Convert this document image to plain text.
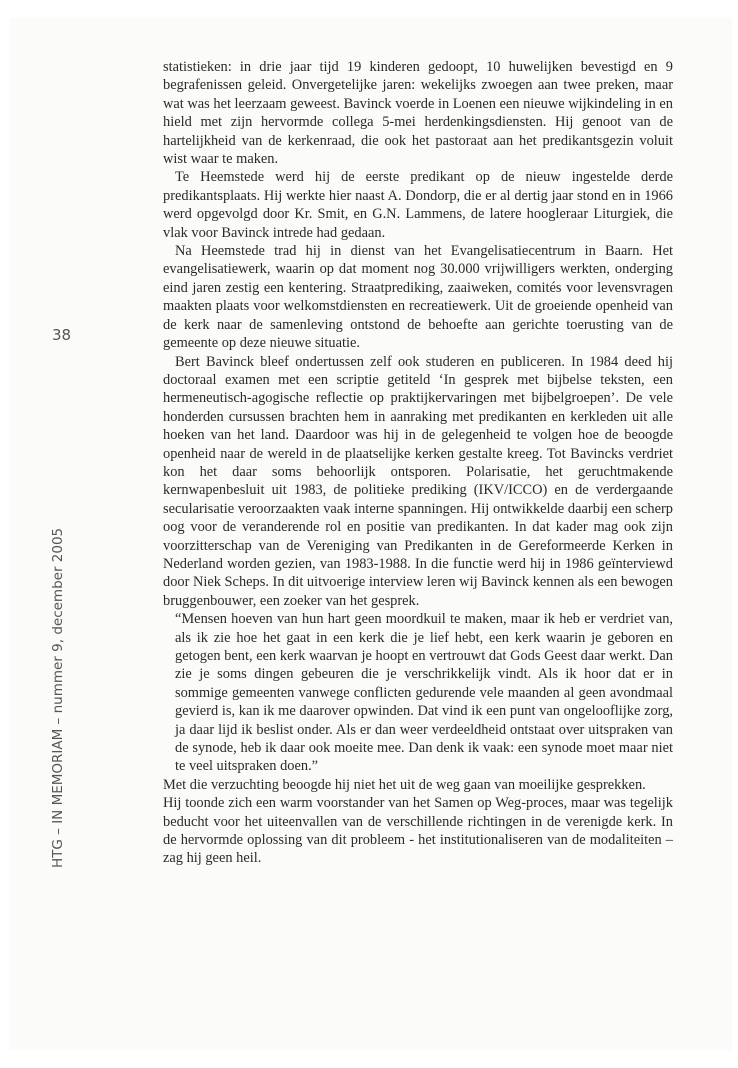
38

HTG – IN MEMORIAM – nummer 9, december 2005

statistieken: in drie jaar tijd 19 kinderen gedoopt, 10 huwelijken bevestigd en 9 begrafenissen geleid. Onvergetelijke jaren: wekelijks zwoegen aan twee preken, maar wat was het leerzaam geweest. Bavinck voerde in Loenen een nieuwe wijkindeling in en hield met zijn hervormde collega 5-mei herdenkingsdiensten. Hij genoot van de hartelijkheid van de kerkenraad, die ook het pastoraat aan het predikantsgezin voluit wist waar te maken.

Te Heemstede werd hij de eerste predikant op de nieuw ingestelde derde predikantsplaats. Hij werkte hier naast A. Dondorp, die er al dertig jaar stond en in 1966 werd opgevolgd door Kr. Smit, en G.N. Lammens, de latere hoogleraar Liturgiek, die vlak voor Bavinck intrede had gedaan.

Na Heemstede trad hij in dienst van het Evangelisatiecentrum in Baarn. Het evangelisatiewerk, waarin op dat moment nog 30.000 vrijwilligers werkten, onderging eind jaren zestig een kentering. Straatprediking, zaaiweken, comités voor levensvragen maakten plaats voor welkomstdiensten en recreatiewerk. Uit de groeiende openheid van de kerk naar de samenleving ontstond de behoefte aan gerichte toerusting van de gemeente op deze nieuwe situatie.

Bert Bavinck bleef ondertussen zelf ook studeren en publiceren. In 1984 deed hij doctoraal examen met een scriptie getiteld ‘In gesprek met bijbelse teksten, een hermeneutisch-agogische reflectie op praktijkervaringen met bijbelgroepen’. De vele honderden cursussen brachten hem in aanraking met predikanten en kerkleden uit alle hoeken van het land. Daardoor was hij in de gelegenheid te volgen hoe de beoogde openheid naar de wereld in de plaatselijke kerken gestalte kreeg. Tot Bavincks verdriet kon het daar soms behoorlijk ontsporen. Polarisatie, het geruchtmakende kernwapenbesluit uit 1983, de politieke prediking (IKV/ICCO) en de verdergaande secularisatie veroorzaakten vaak interne spanningen. Hij ontwikkelde daarbij een scherp oog voor de veranderende rol en positie van predikanten. In dat kader mag ook zijn voorzitterschap van de Vereniging van Predikanten in de Gereformeerde Kerken in Nederland worden gezien, van 1983-1988. In die functie werd hij in 1986 geïnterviewd door Niek Scheps. In dit uitvoerige interview leren wij Bavinck kennen als een bewogen bruggenbouwer, een zoeker van het gesprek.

“Mensen hoeven van hun hart geen moordkuil te maken, maar ik heb er verdriet van, als ik zie hoe het gaat in een kerk die je lief hebt, een kerk waarin je geboren en getogen bent, een kerk waarvan je hoopt en vertrouwt dat Gods Geest daar werkt. Dan zie je soms dingen gebeuren die je verschrikkelijk vindt. Als ik hoor dat er in sommige gemeenten vanwege conflicten gedurende vele maanden al geen avondmaal gevierd is, kan ik me daarover opwinden. Dat vind ik een punt van ongelooflijke zorg, ja daar lijd ik beslist onder. Als er dan weer verdeeldheid ontstaat over uitspraken van de synode, heb ik daar ook moeite mee. Dan denk ik vaak: een synode moet maar niet te veel uitspraken doen.”

Met die verzuchting beoogde hij niet het uit de weg gaan van moeilijke gesprekken.

Hij toonde zich een warm voorstander van het Samen op Weg-proces, maar was tegelijk beducht voor het uiteenvallen van de verschillende richtingen in de verenigde kerk. In de hervormde oplossing van dit probleem - het institutionaliseren van de modaliteiten – zag hij geen heil.
